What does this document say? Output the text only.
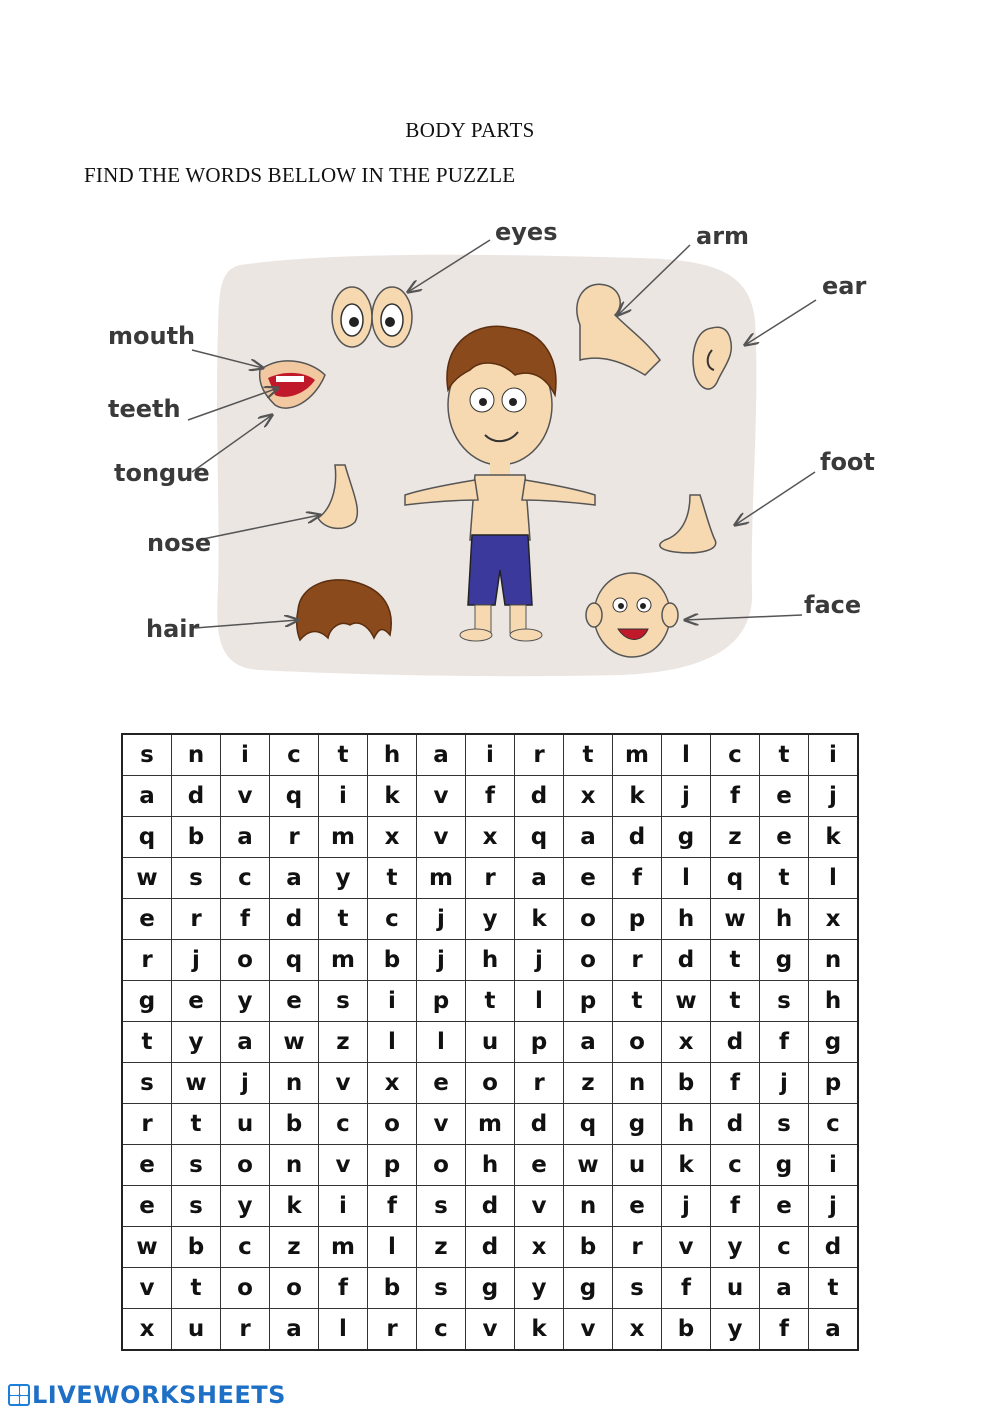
BODY PARTS
FIND THE WORDS BELLOW IN THE PUZZLE
eyes	arm
ear
mouth
teeth
tongue	foot
nose
hair
face
s	n	i	c	t	h	a	i	r	t	m	l	c	t	i
a	d	v	q	i	k	v	f	d	x	k	j	f	e	j
q	b	a	r	m	x	v	x	q	a	d	g	z	e	k
w	s	c	a	y	t	m	r	a	e	f	l	q	t	l
e	r	f	d	t	c	j	y	k	o	p	h	w	h	x
r	j	o	q	m	b	j	h	j	o	r	d	t	g	n
g	e	y	e	s	i	p	t	l	p	t	w	t	s	h
t	y	a	w	z	l	l	u	p	a	o	x	d	f	g
s	w	j	n	v	x	e	o	r	z	n	b	f	j	p
r	t	u	b	c	o	v	m	d	q	g	h	d	s	c
e	s	o	n	v	p	o	h	e	w	u	k	c	g	i
e	s	y	k	i	f	s	d	v	n	e	j	f	e	j
w	b	c	z	m	l	z	d	x	b	r	v	y	c	d
v	t	o	o	f	b	s	g	y	g	s	f	u	a	t
x	u	r	a	l	r	c	v	k	v	x	b	y	f	a
LIVEWORKSHEETS
